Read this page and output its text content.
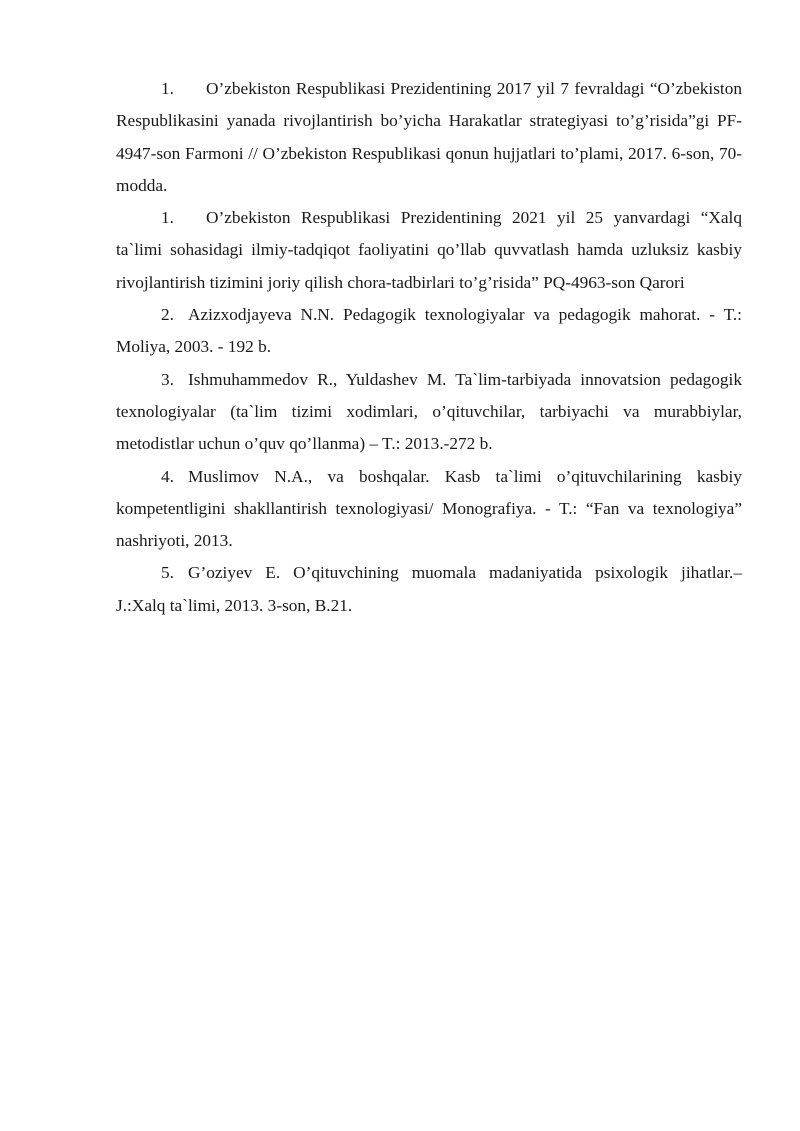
1. O’zbekiston Respublikasi Prezidentining 2017 yil 7 fevraldagi “O’zbekiston Respublikasini yanada rivojlantirish bo’yicha Harakatlar strategiyasi to’g’risida”gi PF-4947-son Farmoni // O’zbekiston Respublikasi qonun hujjatlari to’plami, 2017. 6-son, 70-modda.

1. O’zbekiston Respublikasi Prezidentining 2021 yil 25 yanvardagi “Xalq ta`limi sohasidagi ilmiy-tadqiqot faoliyatini qo’llab quvvatlash hamda uzluksiz kasbiy rivojlantirish tizimini joriy qilish chora-tadbirlari to’g’risida” PQ-4963-son Qarori

2. Azizxodjayeva N.N. Pedagogik texnologiyalar va pedagogik mahorat. - T.: Moliya, 2003. - 192 b.

3. Ishmuhammedov R., Yuldashev M. Ta`lim-tarbiyada innovatsion pedagogik texnologiyalar (ta`lim tizimi xodimlari, o’qituvchilar, tarbiyachi va murabbiylar, metodistlar uchun o’quv qo’llanma) – T.: 2013.-272 b.

4. Muslimov N.A., va boshqalar. Kasb ta`limi o’qituvchilarining kasbiy kompetentligini shakllantirish texnologiyasi/ Monografiya. - T.: “Fan va texnologiya” nashriyoti, 2013.

5. G’oziyev E. O’qituvchining muomala madaniyatida psixologik jihatlar.– J.:Xalq ta`limi, 2013. 3-son, B.21.
